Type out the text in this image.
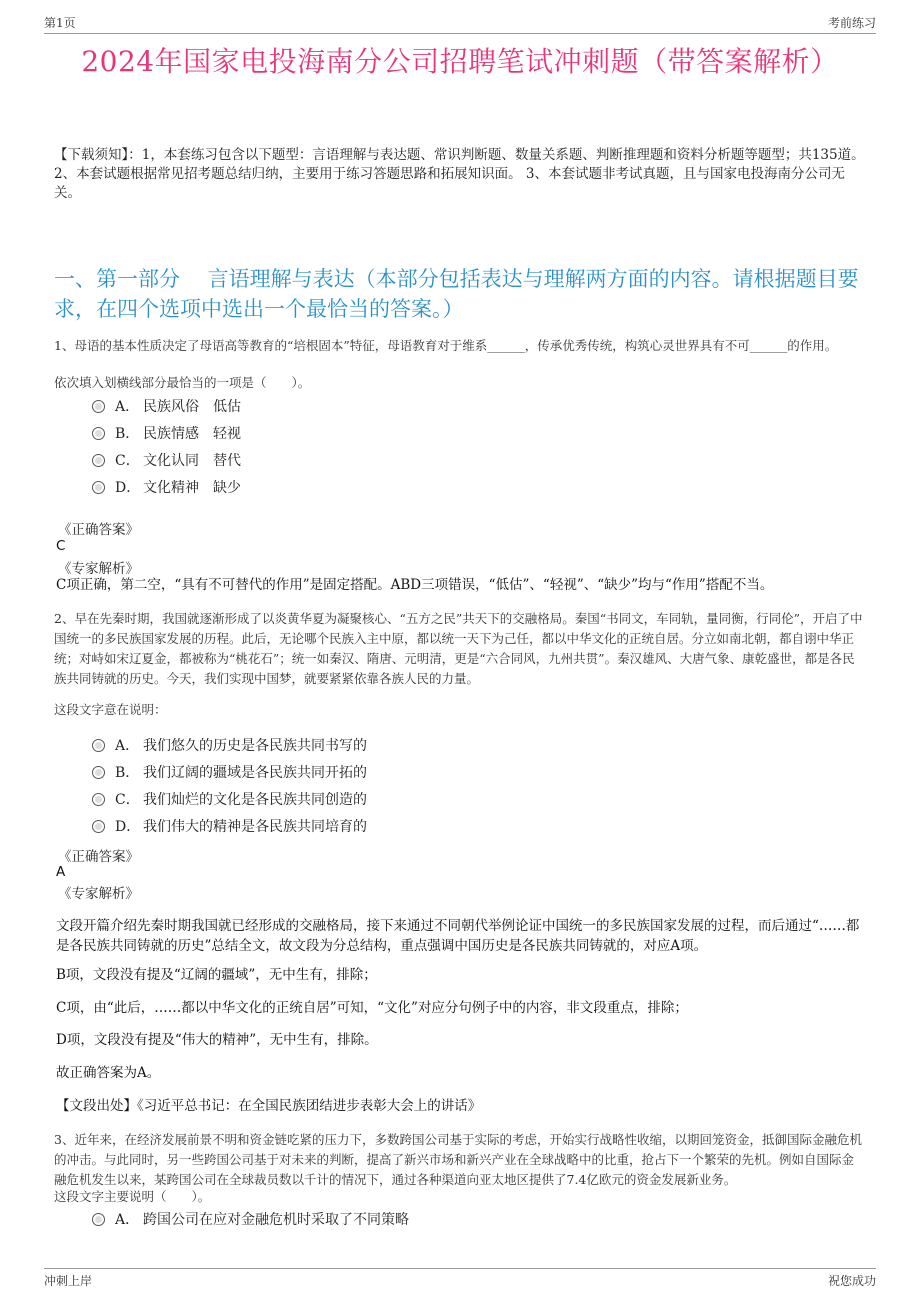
第1页	考前练习
2024年国家电投海南分公司招聘笔试冲刺题（带答案解析）
【下载须知】：1，本套练习包含以下题型：言语理解与表达题、常识判断题、数量关系题、判断推理题和资料分析题等题型；共135道。 2、本套试题根据常见招考题总结归纳，主要用于练习答题思路和拓展知识面。 3、本套试题非考试真题，且与国家电投海南分公司无关。
一、第一部分　 言语理解与表达（本部分包括表达与理解两方面的内容。请根据题目要求，在四个选项中选出一个最恰当的答案。）
1、母语的基本性质决定了母语高等教育的“培根固本”特征，母语教育对于维系______，传承优秀传统，构筑心灵世界具有不可______的作用。
依次填入划横线部分最恰当的一项是（　　）。
A． 民族风俗 低估
B． 民族情感 轻视
C． 文化认同 替代
D． 文化精神 缺少
《正确答案》
C
《专家解析》
C项正确，第二空，“具有不可替代的作用”是固定搭配。ABD三项错误，“低估”、“轻视”、“缺少”均与“作用”搭配不当。
2、早在先秦时期，我国就逐渐形成了以炎黄华夏为凝聚核心、“五方之民”共天下的交融格局。秦国“书同文，车同轨，量同衡，行同伦”，开启了中国统一的多民族国家发展的历程。此后，无论哪个民族入主中原，都以统一天下为己任，都以中华文化的正统自居。分立如南北朝，都自诩中华正统；对峙如宋辽夏金，都被称为“桃花石”；统一如秦汉、隋唐、元明清，更是“六合同风，九州共贯”。秦汉雄风、大唐气象、康乾盛世，都是各民族共同铸就的历史。今天，我们实现中国梦，就要紧紧依靠各族人民的力量。
这段文字意在说明：
A． 我们悠久的历史是各民族共同书写的
B． 我们辽阔的疆域是各民族共同开拓的
C． 我们灿烂的文化是各民族共同创造的
D． 我们伟大的精神是各民族共同培育的
《正确答案》
A
《专家解析》
文段开篇介绍先秦时期我国就已经形成的交融格局，接下来通过不同朝代举例论证中国统一的多民族国家发展的过程，而后通过“……都是各民族共同铸就的历史”总结全文，故文段为分总结构，重点强调中国历史是各民族共同铸就的，对应A项。
B项，文段没有提及“辽阔的疆域”，无中生有，排除；
C项，由“此后，……都以中华文化的正统自居”可知，“文化”对应分句例子中的内容，非文段重点，排除；
D项，文段没有提及“伟大的精神”，无中生有，排除。
故正确答案为A。
【文段出处】《习近平总书记：在全国民族团结进步表彰大会上的讲话》
3、近年来，在经济发展前景不明和资金链吃紧的压力下，多数跨国公司基于实际的考虑，开始实行战略性收缩，以期回笼资金，抵御国际金融危机的冲击。与此同时，另一些跨国公司基于对未来的判断，提高了新兴市场和新兴产业在全球战略中的比重，抢占下一个繁荣的先机。例如自国际金融危机发生以来，某跨国公司在全球裁员数以千计的情况下，通过各种渠道向亚太地区提供了7.4亿欧元的资金发展新业务。
这段文字主要说明（　　）。
A． 跨国公司在应对金融危机时采取了不同策略
冲刺上岸	祝您成功
